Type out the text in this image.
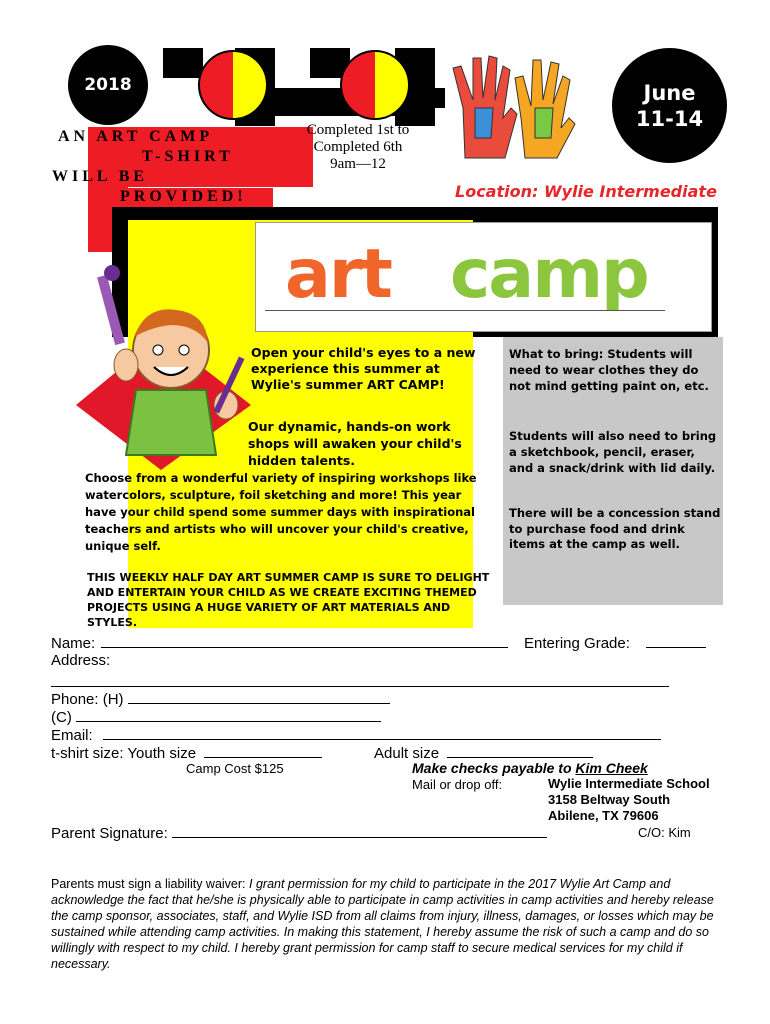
2018
AN ART CAMP
T-SHIRT
WILL BE
PROVIDED!
Completed 1st to
Completed 6th
9am—12
June
11-14
Location: Wylie Intermediate
art camp
Open your child's eyes to a new experience this summer at Wylie's summer ART CAMP!
Our dynamic, hands-on work shops will awaken your child's hidden talents.
Choose from a wonderful variety of inspiring workshops like watercolors, sculpture, foil sketching and more! This year have your child spend some summer days with inspirational teachers and artists who will uncover your child's creative, unique self.
THIS WEEKLY HALF DAY ART SUMMER CAMP IS SURE TO DELIGHT AND ENTERTAIN YOUR CHILD AS WE CREATE EXCITING THEMED PROJECTS USING A HUGE VARIETY OF ART MATERIALS AND STYLES.
What to bring: Students will need to wear clothes they do not mind getting paint on, etc.
Students will also need to bring a sketchbook, pencil, eraser, and a snack/drink with lid daily.
There will be a concession stand to purchase food and drink items at the camp as well.
Name:	Entering Grade:
Address:
Phone: (H)
(C)
Email:
t-shirt size: Youth size	Adult size
Camp Cost $125	Make checks payable to Kim Cheek
Mail or drop off:	Wylie Intermediate School
3158 Beltway South
Abilene, TX 79606
C/O: Kim
Parent Signature:
Parents must sign a liability waiver: I grant permission for my child to participate in the 2017 Wylie Art Camp and acknowledge the fact that he/she is physically able to participate in camp activities in camp activities and hereby release the camp sponsor, associates, staff, and Wylie ISD from all claims from injury, illness, damages, or losses which may be sustained while attending camp activities. In making this statement, I hereby assume the risk of such a camp and do so willingly with respect to my child. I hereby grant permission for camp staff to secure medical services for my child if necessary.
